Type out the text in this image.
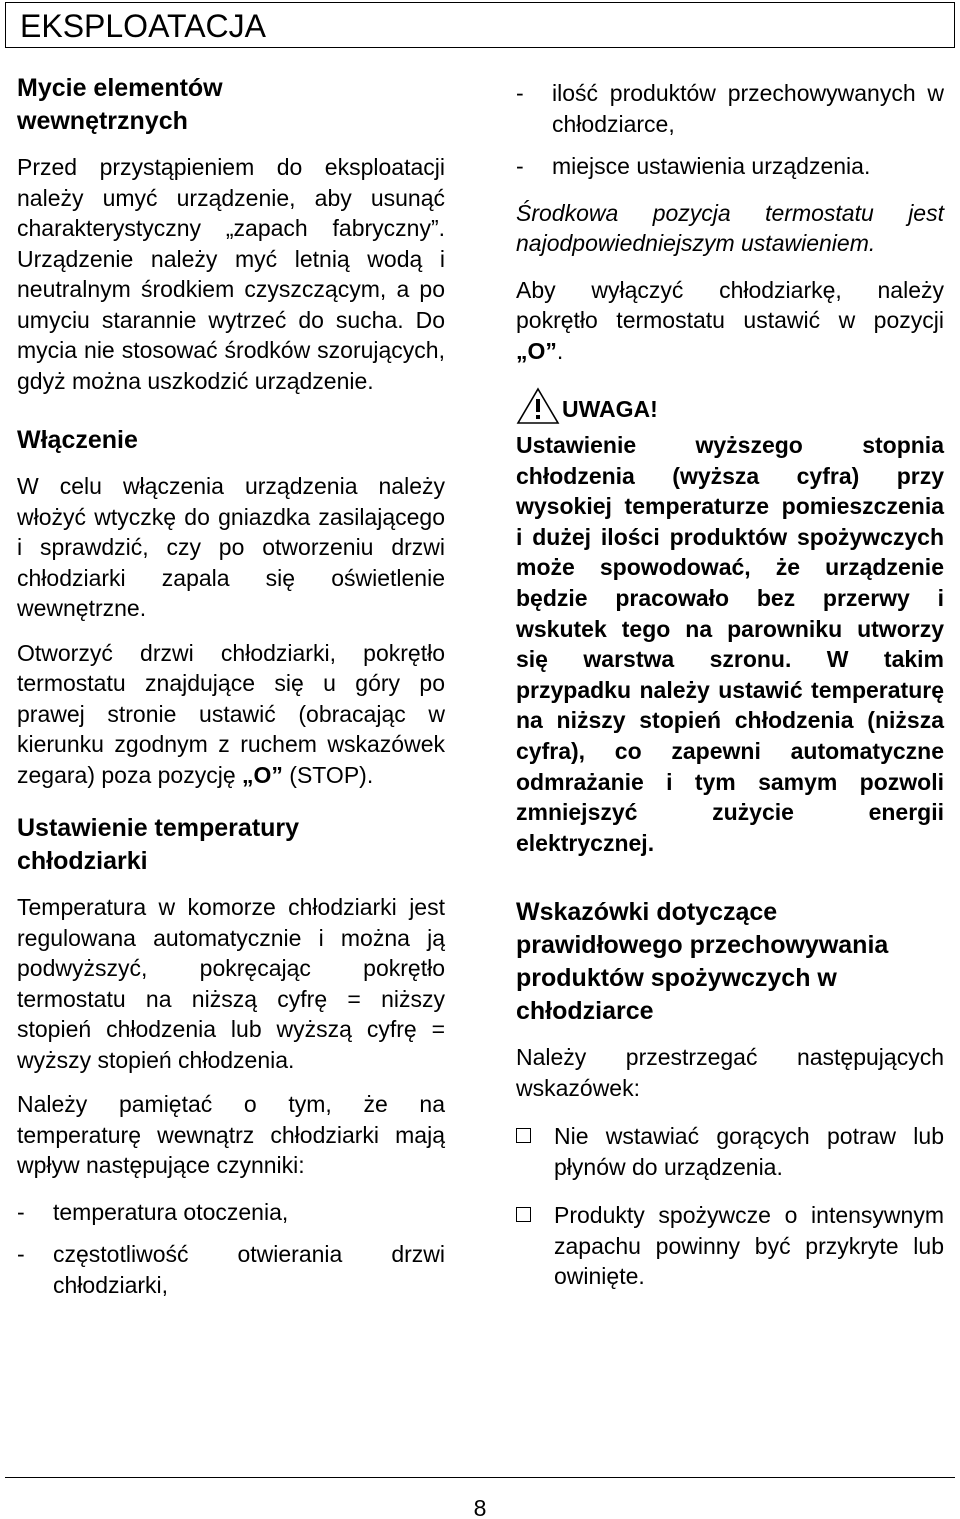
EKSPLOATACJA
Mycie elementów wewnętrznych

Przed przystąpieniem do eksploatacji należy umyć urządzenie, aby usunąć charakterystyczny „zapach fabryczny”. Urządzenie należy myć letnią wodą i neutralnym środkiem czyszczącym, a po umyciu starannie wytrzeć do sucha. Do mycia nie stosować środków szorujących, gdyż można uszkodzić urządzenie.

Włączenie

W celu włączenia urządzenia należy włożyć wtyczkę do gniazdka zasilającego i sprawdzić, czy po otworzeniu drzwi chłodziarki zapala się oświetlenie wewnętrzne.

Otworzyć drzwi chłodziarki, pokrętło termostatu znajdujące się u góry po prawej stronie ustawić (obracając w kierunku zgodnym z ruchem wskazówek zegara) poza pozycję „O” (STOP).

Ustawienie temperatury chłodziarki

Temperatura w komorze chłodziarki jest regulowana automatycznie i można ją podwyższyć, pokręcając pokrętło termostatu na niższą cyfrę = niższy stopień chłodzenia lub wyższą cyfrę = wyższy stopień chłodzenia.

Należy pamiętać o tym, że na temperaturę wewnątrz chłodziarki mają wpływ następujące czynniki:

-	temperatura otoczenia,
-	częstotliwość otwierania drzwi chłodziarki,
-	ilość produktów przechowywanych w chłodziarce,
-	miejsce ustawienia urządzenia.

Środkowa pozycja termostatu jest najodpowiedniejszym ustawieniem.

Aby wyłączyć chłodziarkę, należy pokrętło termostatu ustawić w pozycji „O”.

UWAGA!

Ustawienie wyższego stopnia chłodzenia (wyższa cyfra) przy wysokiej temperaturze pomieszczenia i dużej ilości produktów spożywczych może spowodować, że urządzenie będzie pracowało bez przerwy i wskutek tego na parowniku utworzy się warstwa szronu. W takim przypadku należy ustawić temperaturę na niższy stopień chłodzenia (niższa cyfra), co zapewni automatyczne odmrażanie i tym samym pozwoli zmniejszyć zużycie energii elektrycznej.

Wskazówki dotyczące prawidłowego przechowywania produktów spożywczych w chłodziarce

Należy przestrzegać następujących wskazówek:

Nie wstawiać gorących potraw lub płynów do urządzenia.
Produkty spożywcze o intensywnym zapachu powinny być przykryte lub owinięte.
8
